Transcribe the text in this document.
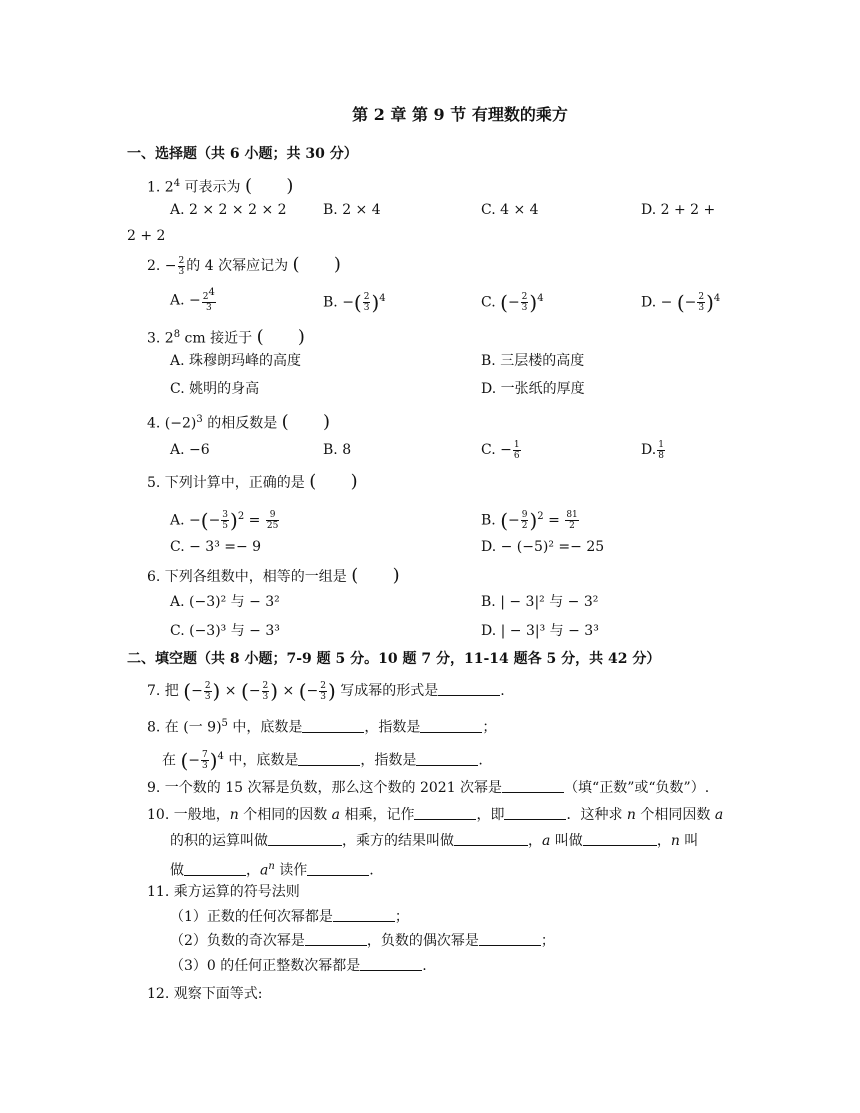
第 2 章 第 9 节 有理数的乘方
一、选择题（共 6 小题；共 30 分）
1. $2^4$ 可表示为 (      )
A. 2 × 2 × 2 × 2	B. 2 × 4	C. 4 × 4	D. 2 + 2 +
2 + 2
2. − $\frac{2}{3}$ 的 4 次幂应记为 (      )
A. − $\frac{2^4}{3}$	B. −( $\frac{2}{3} )^4$	C. (− $\frac{2}{3} )^4$	D. − (− $\frac{2}{3} )^4$
3. $2^8$ cm 接近于 (      )
A. 珠穆朗玛峰的高度	B. 三层楼的高度
C. 姚明的身高	D. 一张纸的厚度
4. $(-2)^3$ 的相反数是 (      )
A. −6	B. 8	C. − $\frac{1}{6}$	D. $\frac{1}{8}$
5. 下列计算中，正确的是 (      )
A. −(− $\frac{3}{5} )^2 = \frac{9}{25}$	B. (− $\frac{9}{2} )^2 = \frac{81}{2}$
C. − 3³ =− 9	D. − (−5)² =− 25
6. 下列各组数中，相等的一组是 (      )
A. (−3)² 与 − 3²	B. | − 3|² 与 − 3²
C. (−3)³ 与 − 3³	D. | − 3|³ 与 − 3³
二、填空题（共 8 小题；7-9 题 5 分。10 题 7 分，11-14 题各 5 分，共 42 分）
7. 把 (− $\frac{2}{3}$ ) × (− $\frac{2}{3}$ ) × (− $\frac{2}{3}$ ) 写成幂的形式是	.
8. 在 (一 9)$^5$ 中，底数是	，指数是	；
在 (− $\frac{7}{3} )^4$ 中，底数是	，指数是	.
9. 一个数的 15 次幂是负数，那么这个数的 2021 次幂是	（填“正数”或“负数”）.
10. 一般地，n 个相同的因数 a 相乘，记作	，即	．这种求 n 个相同因数 a
的积的运算叫做	，乘方的结果叫做	，a 叫做	，n 叫
做	，$a^n$ 读作	.
11. 乘方运算的符号法则
（1）正数的任何次幂都是	；
（2）负数的奇次幂是	，负数的偶次幂是	；
（3）0 的任何正整数次幂都是	.
12. 观察下面等式:
